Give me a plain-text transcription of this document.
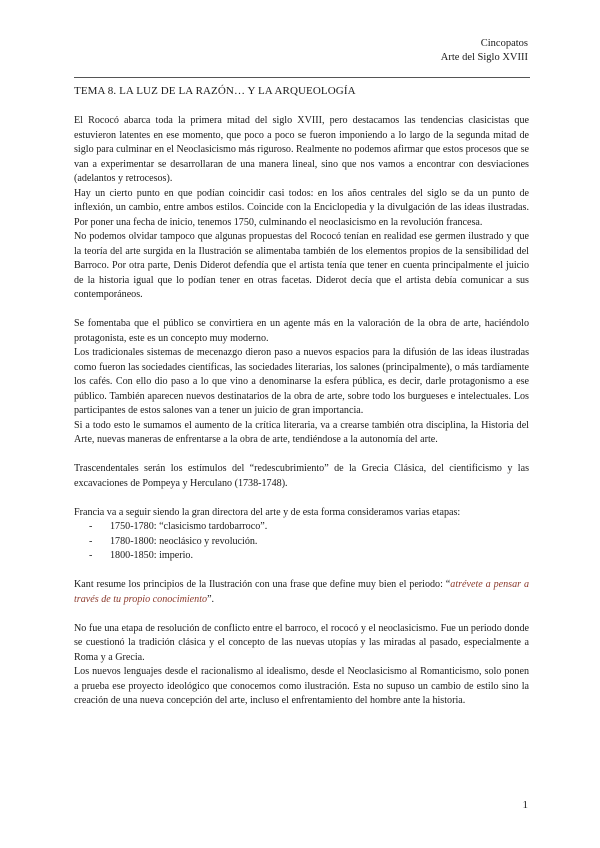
Cincopatos
Arte del Siglo XVIII
TEMA 8. LA LUZ DE LA RAZÓN… Y LA ARQUEOLOGÍA

El Rococó abarca toda la primera mitad del siglo XVIII, pero destacamos las tendencias clasicistas que estuvieron latentes en ese momento, que poco a poco se fueron imponiendo a lo largo de la segunda mitad de siglo para culminar en el Neoclasicismo más riguroso. Realmente no podemos afirmar que estos procesos que se van a experimentar se desarrollaran de una manera lineal, sino que nos vamos a encontrar con desviaciones (adelantos y retrocesos).

Hay un cierto punto en que podían coincidir casi todos: en los años centrales del siglo se da un punto de inflexión, un cambio, entre ambos estilos. Coincide con la Enciclopedia y la divulgación de las ideas ilustradas. Por poner una fecha de inicio, tenemos 1750, culminando el neoclasicismo en la revolución francesa.

No podemos olvidar tampoco que algunas propuestas del Rococó tenían en realidad ese germen ilustrado y que la teoría del arte surgida en la Ilustración se alimentaba también de los elementos propios de la sensibilidad del Barroco. Por otra parte, Denis Diderot defendía que el artista tenía que tener en cuenta principalmente el juicio de la historia igual que lo podían tener en otras facetas. Diderot decía que el artista debía comunicar a sus contemporáneos.

Se fomentaba que el público se convirtiera en un agente más en la valoración de la obra de arte, haciéndolo protagonista, este es un concepto muy moderno.

Los tradicionales sistemas de mecenazgo dieron paso a nuevos espacios para la difusión de las ideas ilustradas como fueron las sociedades científicas, las sociedades literarias, los salones (principalmente), o más tardíamente los cafés. Con ello dio paso a lo que vino a denominarse la esfera pública, es decir, darle protagonismo a ese público. También aparecen nuevos destinatarios de la obra de arte, sobre todo los burgueses e intelectuales. Los participantes de estos salones van a tener un juicio de gran importancia.

Si a todo esto le sumamos el aumento de la crítica literaria, va a crearse también otra disciplina, la Historia del Arte, nuevas maneras de enfrentarse a la obra de arte, tendiéndose a la autonomía del arte.

Trascendentales serán los estímulos del “redescubrimiento” de la Grecia Clásica, del cientificismo y las excavaciones de Pompeya y Herculano (1738-1748).

Francia va a seguir siendo la gran directora del arte y de esta forma consideramos varias etapas:

- 1750-1780: “clasicismo tardobarroco”.
- 1780-1800: neoclásico y revolución.
- 1800-1850: imperio.

Kant resume los principios de la Ilustración con una frase que define muy bien el periodo: “atrévete a pensar a través de tu propio conocimiento”.

No fue una etapa de resolución de conflicto entre el barroco, el rococó y el neoclasicismo. Fue un periodo donde se cuestionó la tradición clásica y el concepto de las nuevas utopías y las miradas al pasado, especialmente a Roma y a Grecia.

Los nuevos lenguajes desde el racionalismo al idealismo, desde el Neoclasicismo al Romanticismo, solo ponen a prueba ese proyecto ideológico que conocemos como ilustración. Esta no supuso un cambio de estilo sino la creación de una nueva concepción del arte, incluso el enfrentamiento del hombre ante la historia.

1
